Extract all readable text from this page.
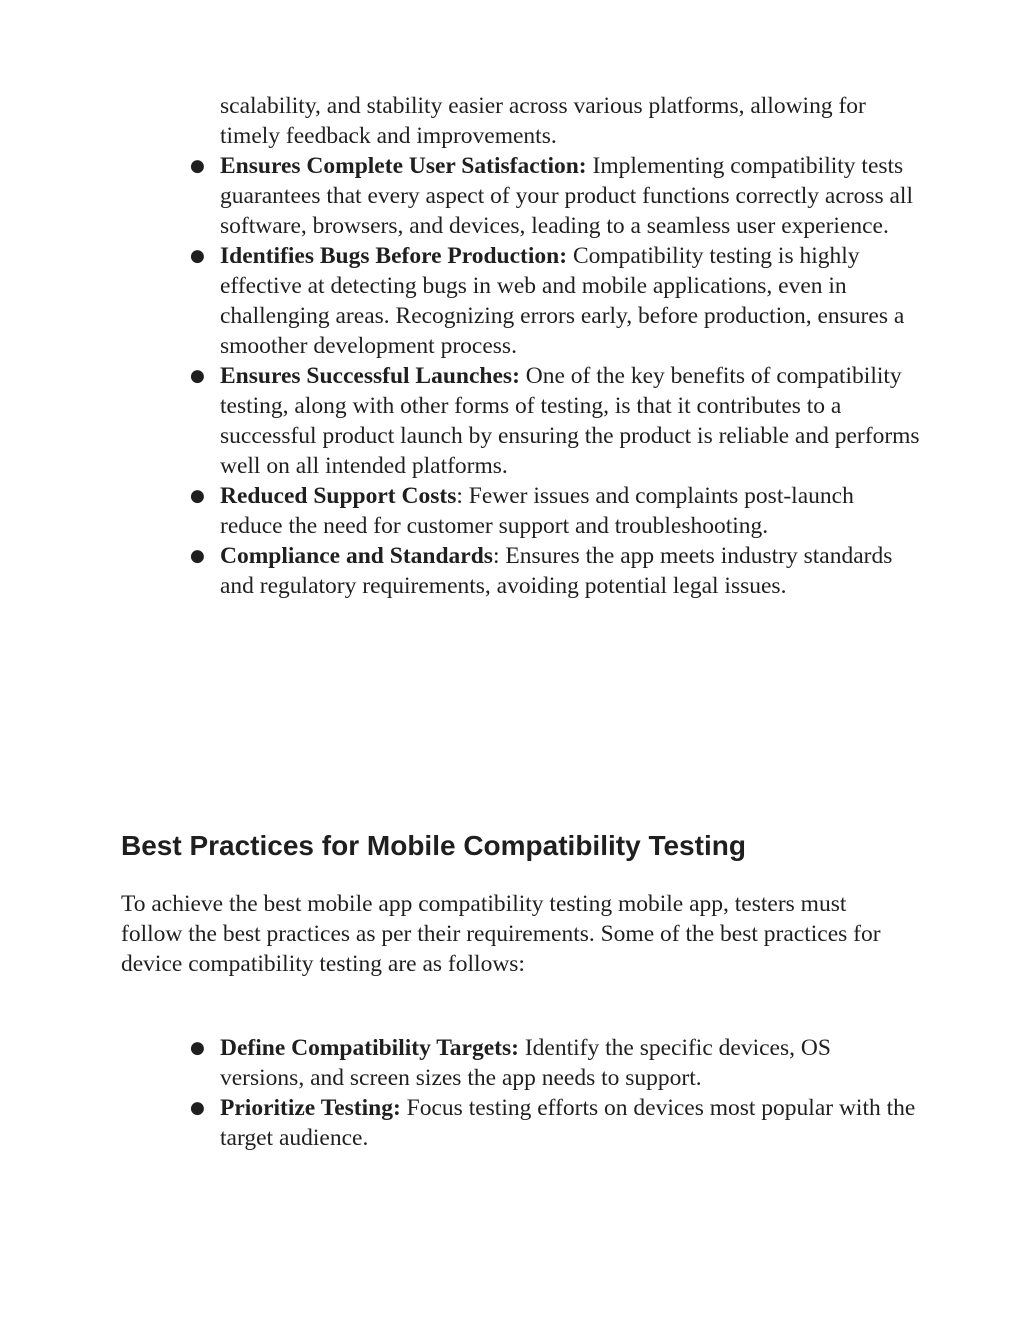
scalability, and stability easier across various platforms, allowing for timely feedback and improvements.

● Ensures Complete User Satisfaction: Implementing compatibility tests guarantees that every aspect of your product functions correctly across all software, browsers, and devices, leading to a seamless user experience.
● Identifies Bugs Before Production: Compatibility testing is highly effective at detecting bugs in web and mobile applications, even in challenging areas. Recognizing errors early, before production, ensures a smoother development process.
● Ensures Successful Launches: One of the key benefits of compatibility testing, along with other forms of testing, is that it contributes to a successful product launch by ensuring the product is reliable and performs well on all intended platforms.
● Reduced Support Costs: Fewer issues and complaints post-launch reduce the need for customer support and troubleshooting.
● Compliance and Standards: Ensures the app meets industry standards and regulatory requirements, avoiding potential legal issues.
Best Practices for Mobile Compatibility Testing

To achieve the best mobile app compatibility testing mobile app, testers must follow the best practices as per their requirements. Some of the best practices for device compatibility testing are as follows:

● Define Compatibility Targets: Identify the specific devices, OS versions, and screen sizes the app needs to support.
● Prioritize Testing: Focus testing efforts on devices most popular with the target audience.
